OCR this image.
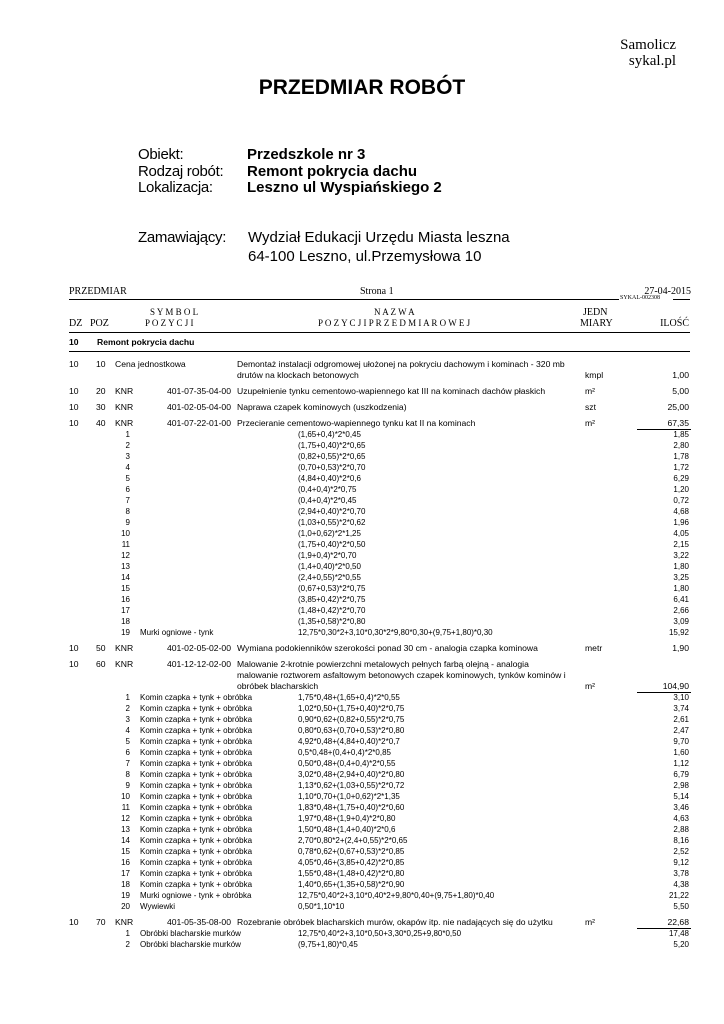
Samolicz
sykal.pl
PRZEDMIAR ROBÓT
Obiekt:	Przedszkole nr 3
Rodzaj robót: Remont pokrycia dachu
Lokalizacja: Leszno ul Wyspiańskiego 2
Zamawiający: Wydział Edukacji Urzędu Miasta leszna
64-100 Leszno, ul.Przemysłowa 10
PRZEDMIAR	Strona 1	27-04-2015
SYKAL-002308
DZ POZ
S Y M B O L
P O Z Y C J I
N A Z W A
P O Z Y C J I P R Z E D M I A R O W E J
JEDN
MIARY	ILOŚĆ
10 Remont pokrycia dachu
10 10 Cena jednostkowa	Demontaż instalacji odgromowej ułożonej na pokryciu dachowym i kominach - 320 mb
drutów na klockach betonowych	kmpl	1,00
10 20 KNR	401-07-35-04-00 Uzupełnienie tynku cementowo-wapiennego kat III na kominach dachów płaskich	m²	5,00
10 30 KNR	401-02-05-04-00 Naprawa czapek kominowych (uszkodzenia)	szt	25,00
10 40 KNR	401-07-22-01-00 Przecieranie cementowo-wapiennego tynku kat II na kominach	m²	67,35
1	(1,65+0,4)*2*0,45	1,85
2	(1,75+0,40)*2*0,65	2,80
3	(0,82+0,55)*2*0,65	1,78
4	(0,70+0,53)*2*0,70	1,72
5	(4,84+0,40)*2*0,6	6,29
6	(0,4+0,4)*2*0,75	1,20
7	(0,4+0,4)*2*0,45	0,72
8	(2,94+0,40)*2*0,70	4,68
9	(1,03+0,55)*2*0,62	1,96
10	(1,0+0,62)*2*1,25	4,05
11	(1,75+0,40)*2*0,50	2,15
12	(1,9+0,4)*2*0,70	3,22
13	(1,4+0,40)*2*0,50	1,80
14	(2,4+0,55)*2*0,55	3,25
15	(0,67+0,53)*2*0,75	1,80
16	(3,85+0,42)*2*0,75	6,41
17	(1,48+0,42)*2*0,70	2,66
18	(1,35+0,58)*2*0,80	3,09
19 Murki ogniowe - tynk	12,75*0,30*2+3,10*0,30*2*9,80*0,30+(9,75+1,80)*0,30	15,92
10 50 KNR	401-02-05-02-00 Wymiana podokienników szerokości ponad 30 cm - analogia czapka kominowa	metr	1,90
10 60 KNR	401-12-12-02-00 Malowanie 2-krotnie powierzchni metalowych pełnych farbą olejną - analogia
malowanie roztworem asfaltowym betonowych czapek kominowych, tynków kominów i
obróbek blacharskich	m²	104,90
1 Komin czapka + tynk + obróbka	1,75*0,48+(1,65+0,4)*2*0,55	3,10
2 Komin czapka + tynk + obróbka	1,02*0,50+(1,75+0,40)*2*0,75	3,74
3 Komin czapka + tynk + obróbka	0,90*0,62+(0,82+0,55)*2*0,75	2,61
4 Komin czapka + tynk + obróbka	0,80*0,63+(0,70+0,53)*2*0,80	2,47
5 Komin czapka + tynk + obróbka	4,92*0,48+(4,84+0,40)*2*0,7	9,70
6 Komin czapka + tynk + obróbka	0,5*0,48+(0,4+0,4)*2*0,85	1,60
7 Komin czapka + tynk + obróbka	0,50*0,48+(0,4+0,4)*2*0,55	1,12
8 Komin czapka + tynk + obróbka	3,02*0,48+(2,94+0,40)*2*0,80	6,79
9 Komin czapka + tynk + obróbka	1,13*0,62+(1,03+0,55)*2*0,72	2,98
10 Komin czapka + tynk + obróbka	1,10*0,70+(1,0+0,62)*2*1,35	5,14
11 Komin czapka + tynk + obróbka	1,83*0,48+(1,75+0,40)*2*0,60	3,46
12 Komin czapka + tynk + obróbka	1,97*0,48+(1,9+0,4)*2*0,80	4,63
13 Komin czapka + tynk + obróbka	1,50*0,48+(1,4+0,40)*2*0,6	2,88
14 Komin czapka + tynk + obróbka	2,70*0,80*2+(2,4+0,55)*2*0,65	8,16
15 Komin czapka + tynk + obróbka	0,78*0,62+(0,67+0,53)*2*0,85	2,52
16 Komin czapka + tynk + obróbka	4,05*0,46+(3,85+0,42)*2*0,85	9,12
17 Komin czapka + tynk + obróbka	1,55*0,48+(1,48+0,42)*2*0,80	3,78
18 Komin czapka + tynk + obróbka	1,40*0,65+(1,35+0,58)*2*0,90	4,38
19 Murki ogniowe - tynk + obróbka	12,75*0,40*2+3,10*0,40*2+9,80*0,40+(9,75+1,80)*0,40	21,22
20 Wywiewki	0,50*1,10*10	5,50
10 70 KNR	401-05-35-08-00 Rozebranie obróbek blacharskich murów, okapów itp. nie nadających się do użytku	m²	22,68
1 Obróbki blacharskie murków	12,75*0,40*2+3,10*0,50+3,30*0,25+9,80*0,50	17,48
2 Obróbki blacharskie murków	(9,75+1,80)*0,45	5,20
